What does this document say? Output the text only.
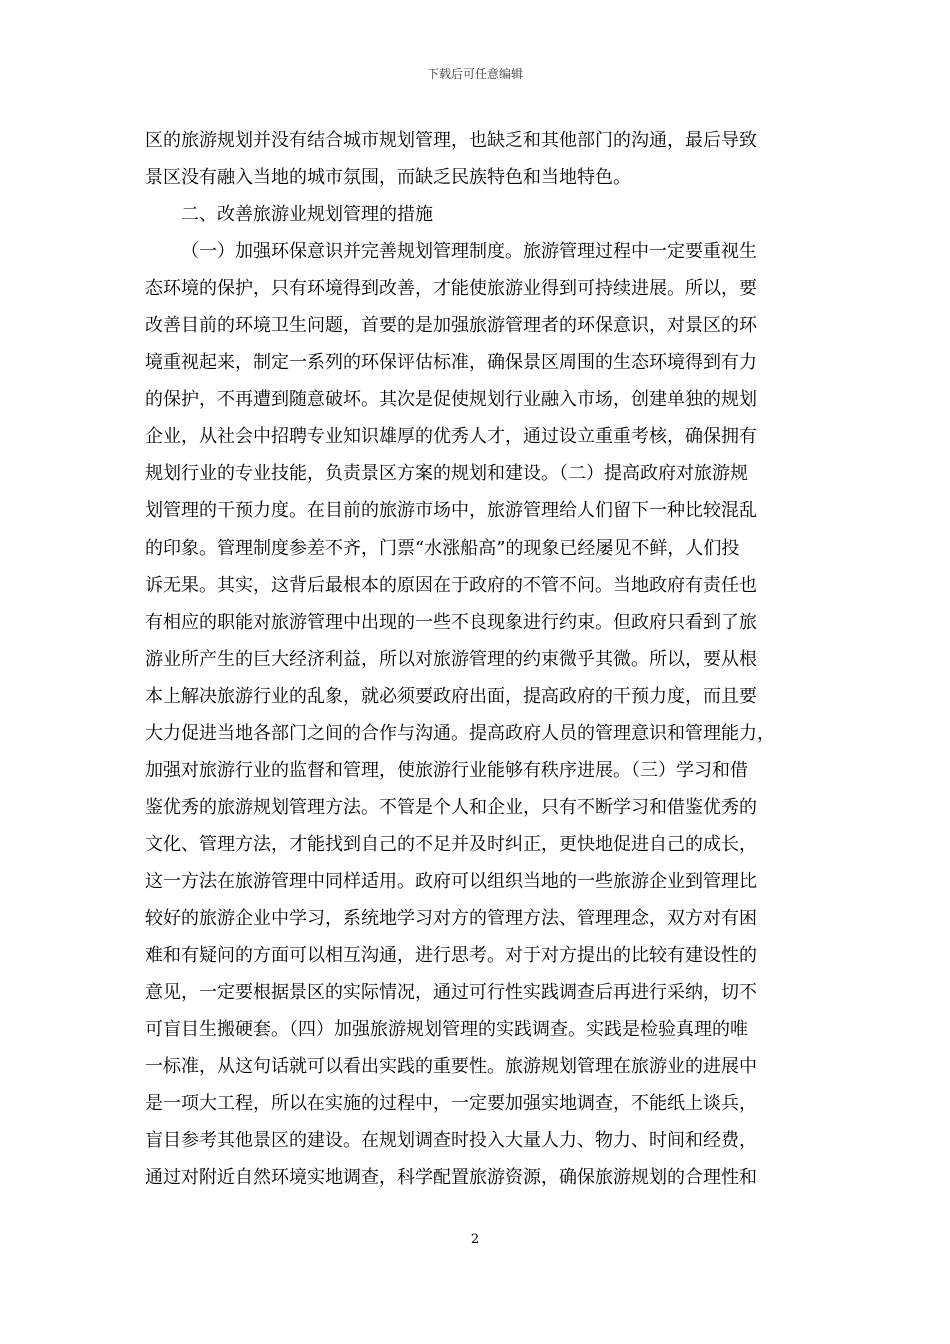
下载后可任意编辑
区的旅游规划并没有结合城市规划管理，也缺乏和其他部门的沟通，最后导致
景区没有融入当地的城市氛围，而缺乏民族特色和当地特色。
二、改善旅游业规划管理的措施
（一）加强环保意识并完善规划管理制度。旅游管理过程中一定要重视生
态环境的保护，只有环境得到改善，才能使旅游业得到可持续进展。所以，要
改善目前的环境卫生问题，首要的是加强旅游管理者的环保意识，对景区的环
境重视起来，制定一系列的环保评估标准，确保景区周围的生态环境得到有力
的保护，不再遭到随意破坏。其次是促使规划行业融入市场，创建单独的规划
企业，从社会中招聘专业知识雄厚的优秀人才，通过设立重重考核，确保拥有
规划行业的专业技能，负责景区方案的规划和建设。（二）提高政府对旅游规
划管理的干预力度。在目前的旅游市场中，旅游管理给人们留下一种比较混乱
的印象。管理制度参差不齐，门票“水涨船高”的现象已经屡见不鲜，人们投
诉无果。其实，这背后最根本的原因在于政府的不管不问。当地政府有责任也
有相应的职能对旅游管理中出现的一些不良现象进行约束。但政府只看到了旅
游业所产生的巨大经济利益，所以对旅游管理的约束微乎其微。所以，要从根
本上解决旅游行业的乱象，就必须要政府出面，提高政府的干预力度，而且要
大力促进当地各部门之间的合作与沟通。提高政府人员的管理意识和管理能力，
加强对旅游行业的监督和管理，使旅游行业能够有秩序进展。（三）学习和借
鉴优秀的旅游规划管理方法。不管是个人和企业，只有不断学习和借鉴优秀的
文化、管理方法，才能找到自己的不足并及时纠正，更快地促进自己的成长，
这一方法在旅游管理中同样适用。政府可以组织当地的一些旅游企业到管理比
较好的旅游企业中学习，系统地学习对方的管理方法、管理理念，双方对有困
难和有疑问的方面可以相互沟通，进行思考。对于对方提出的比较有建设性的
意见，一定要根据景区的实际情况，通过可行性实践调查后再进行采纳，切不
可盲目生搬硬套。（四）加强旅游规划管理的实践调查。实践是检验真理的唯
一标准，从这句话就可以看出实践的重要性。旅游规划管理在旅游业的进展中
是一项大工程，所以在实施的过程中，一定要加强实地调查，不能纸上谈兵，
盲目参考其他景区的建设。在规划调查时投入大量人力、物力、时间和经费，
通过对附近自然环境实地调查，科学配置旅游资源，确保旅游规划的合理性和
2
